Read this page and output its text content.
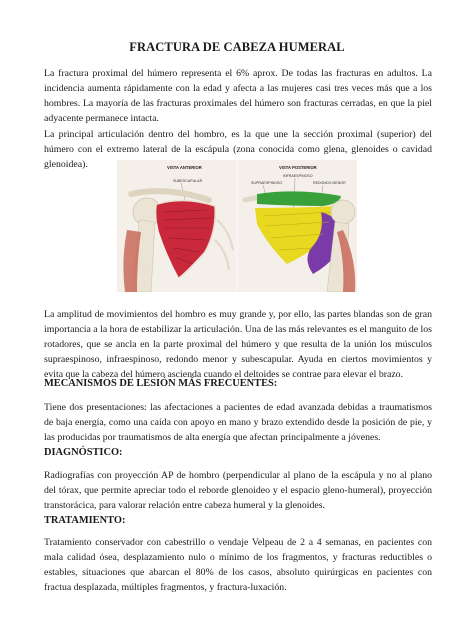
FRACTURA DE CABEZA HUMERAL

La fractura proximal del húmero representa el 6% aprox. De todas las fracturas en adultos. La incidencia aumenta rápidamente con la edad y afecta a las mujeres casi tres veces más que a los hombres. La mayoría de las fracturas proximales del húmero son fracturas cerradas, en que la piel adyacente permanece intacta.

La principal articulación dentro del hombro, es la que une la sección proximal (superior) del húmero con el extremo lateral de la escápula (zona conocida como glena, glenoides o cavidad glenoidea).	VISTA ANTERIOR
SUBESCAPULAR
VISTA POSTERIOR
INFRAESPINOSO
SUPRAESPINOSO	REDONDO MENOR

La amplitud de movimientos del hombro es muy grande y, por ello, las partes blandas son de gran importancia a la hora de estabilizar la articulación. Una de las más relevantes es el manguito de los rotadores, que se ancla en la parte proximal del húmero y que resulta de la unión los músculos supraespinoso, infraespinoso, redondo menor y subescapular. Ayuda en ciertos movimientos y evita que la cabeza del húmero ascienda cuando el deltoides se contrae para elevar el brazo.

MECANISMOS DE LESIÓN MÁS FRECUENTES:

Tiene dos presentaciones: las afectaciones a pacientes de edad avanzada debidas a traumatismos de baja energía, como una caída con apoyo en mano y brazo extendido desde la posición de pie, y las producidas por traumatismos de alta energía que afectan principalmente a jóvenes.

DIAGNÓSTICO:

Radiografías con proyección AP de hombro (perpendicular al plano de la escápula y no al plano del tórax, que permite apreciar todo el reborde glenoideo y el espacio gleno-humeral), proyección transtorácica, para valorar relación entre cabeza humeral y la glenoides.

TRATAMIENTO:

Tratamiento conservador con cabestrillo o vendaje Velpeau de 2 a 4 semanas, en pacientes con mala calidad ósea, desplazamiento nulo o mínimo de los fragmentos, y fracturas reductibles o estables, situaciones que abarcan el 80% de los casos, absoluto quirúrgicas en pacientes con fractua desplazada, múltiples fragmentos, y fractura-luxación.
